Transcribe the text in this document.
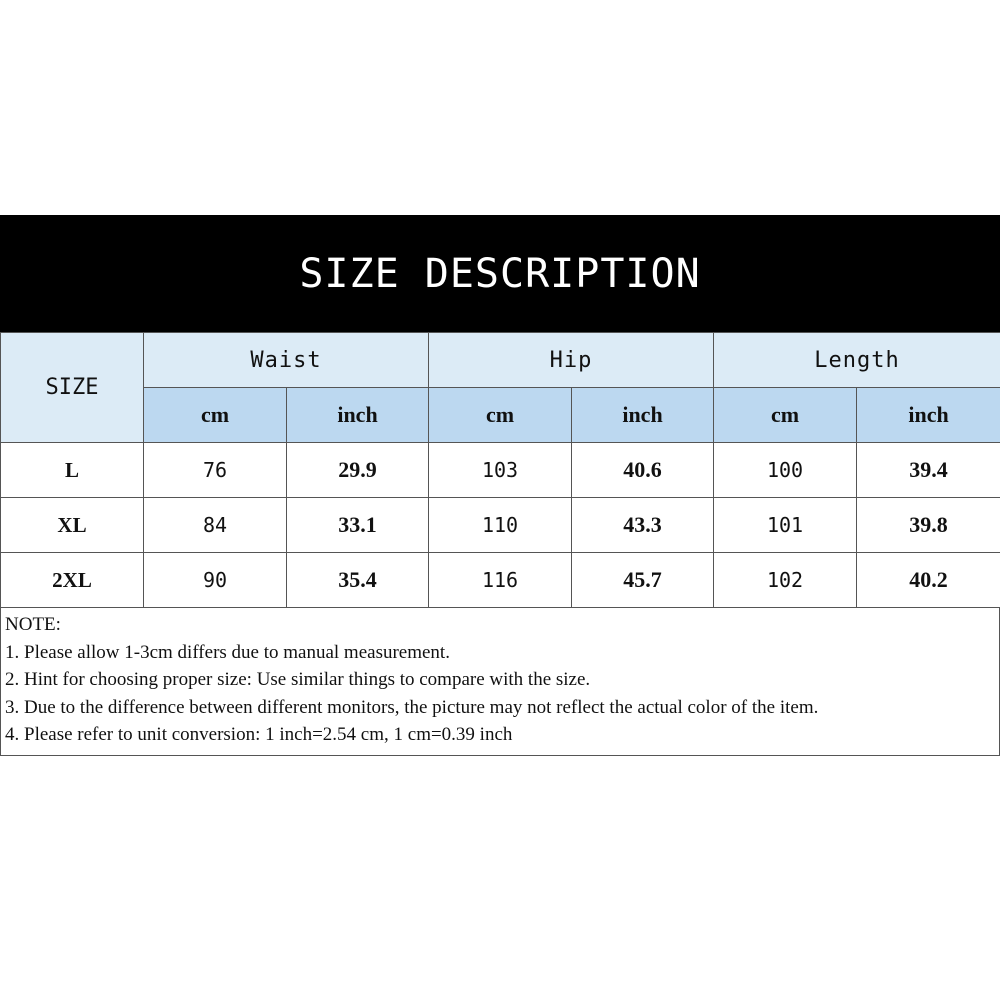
SIZE DESCRIPTION
SIZE	Waist		Hip		Length	
	cm	inch	cm	inch	cm	inch
L	76	29.9	103	40.6	100	39.4
XL	84	33.1	110	43.3	101	39.8
2XL	90	35.4	116	45.7	102	40.2
NOTE:
1. Please allow 1-3cm differs due to manual measurement.
2. Hint for choosing proper size: Use similar things to compare with the size.
3. Due to the difference between different monitors, the picture may not reflect the actual color of the item.
4. Please refer to unit conversion: 1 inch=2.54 cm, 1 cm=0.39 inch
